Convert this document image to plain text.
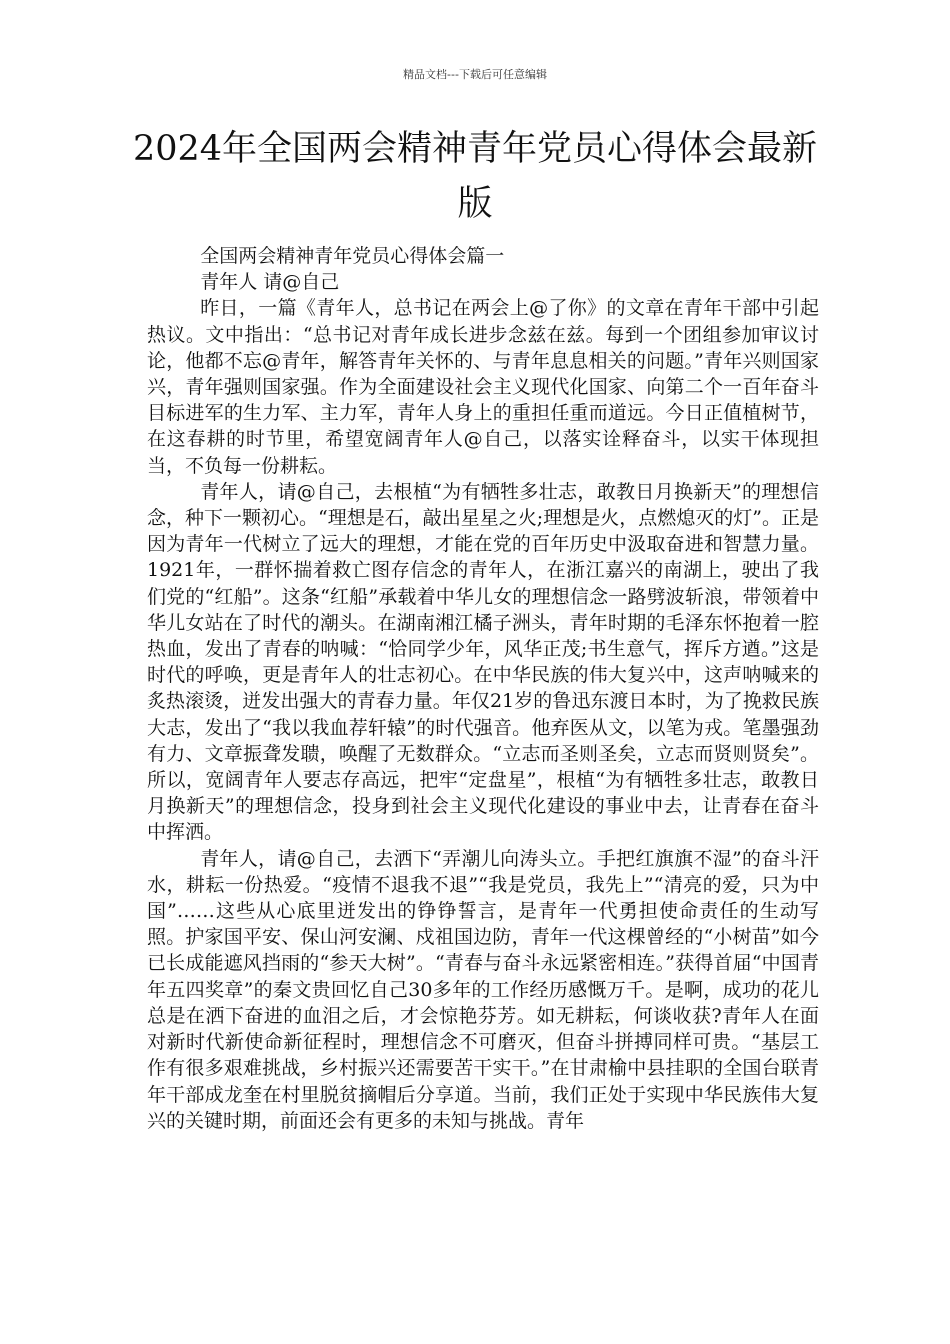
精品文档---下载后可任意编辑
2024年全国两会精神青年党员心得体会最新版

全国两会精神青年党员心得体会篇一

青年人 请@自己

昨日，一篇《青年人，总书记在两会上@了你》的文章在青年干部中引起热议。文中指出：“总书记对青年成长进步念兹在兹。每到一个团组参加审议讨论，他都不忘@青年，解答青年关怀的、与青年息息相关的问题。”青年兴则国家兴，青年强则国家强。作为全面建设社会主义现代化国家、向第二个一百年奋斗目标进军的生力军、主力军，青年人身上的重担任重而道远。今日正值植树节，在这春耕的时节里，希望宽阔青年人@自己，以落实诠释奋斗，以实干体现担当，不负每一份耕耘。

青年人，请@自己，去根植“为有牺牲多壮志，敢教日月换新天”的理想信念，种下一颗初心。“理想是石，敲出星星之火;理想是火，点燃熄灭的灯”。正是因为青年一代树立了远大的理想，才能在党的百年历史中汲取奋进和智慧力量。1921年，一群怀揣着救亡图存信念的青年人，在浙江嘉兴的南湖上，驶出了我们党的“红船”。这条“红船”承载着中华儿女的理想信念一路劈波斩浪，带领着中华儿女站在了时代的潮头。在湖南湘江橘子洲头，青年时期的毛泽东怀抱着一腔热血，发出了青春的呐喊：“恰同学少年，风华正茂;书生意气，挥斥方遒。”这是时代的呼唤，更是青年人的壮志初心。在中华民族的伟大复兴中，这声呐喊来的炙热滚烫，迸发出强大的青春力量。年仅21岁的鲁迅东渡日本时，为了挽救民族大志，发出了“我以我血荐轩辕”的时代强音。他弃医从文，以笔为戎。笔墨强劲有力、文章振聋发聩，唤醒了无数群众。“立志而圣则圣矣，立志而贤则贤矣”。所以，宽阔青年人要志存高远，把牢“定盘星”，根植“为有牺牲多壮志，敢教日月换新天”的理想信念，投身到社会主义现代化建设的事业中去，让青春在奋斗中挥洒。

青年人，请@自己，去洒下“弄潮儿向涛头立。手把红旗旗不湿”的奋斗汗水，耕耘一份热爱。“疫情不退我不退”“我是党员，我先上”“清亮的爱，只为中国”……这些从心底里迸发出的铮铮誓言，是青年一代勇担使命责任的生动写照。护家国平安、保山河安澜、戍祖国边防，青年一代这棵曾经的“小树苗”如今已长成能遮风挡雨的“参天大树”。“青春与奋斗永远紧密相连。”获得首届“中国青年五四奖章”的秦文贵回忆自己30多年的工作经历感慨万千。是啊，成功的花儿总是在洒下奋进的血泪之后，才会惊艳芬芳。如无耕耘，何谈收获?青年人在面对新时代新使命新征程时，理想信念不可磨灭，但奋斗拼搏同样可贵。“基层工作有很多艰难挑战，乡村振兴还需要苦干实干。”在甘肃榆中县挂职的全国台联青年干部成龙奎在村里脱贫摘帽后分享道。当前，我们正处于实现中华民族伟大复兴的关键时期，前面还会有更多的未知与挑战。青年
